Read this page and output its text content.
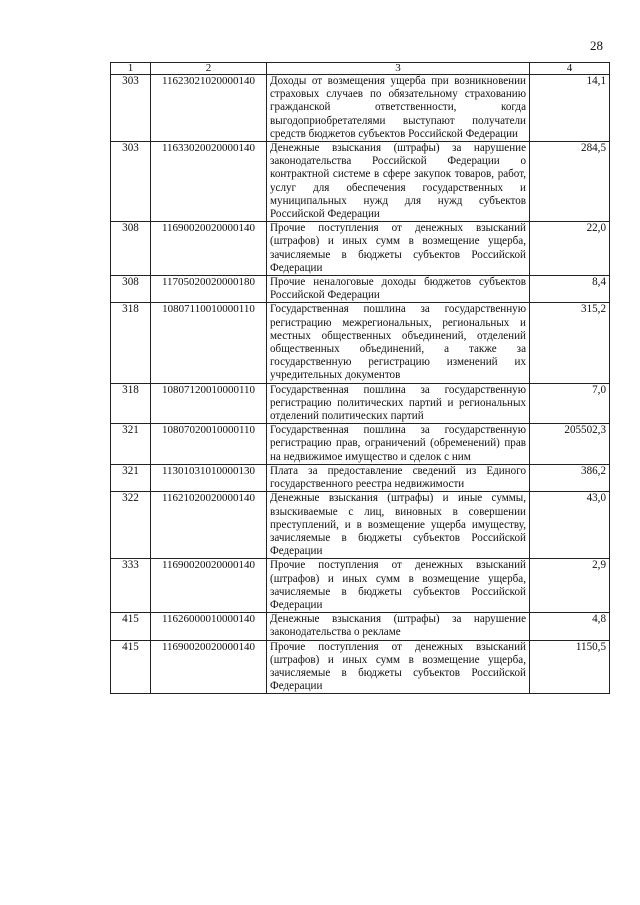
28
1	2	3	4
303	11623021020000140	Доходы от возмещения ущерба при возникновении страховых случаев по обязательному страхованию гражданской ответственности, когда выгодоприобретателями выступают получатели средств бюджетов субъектов Российской Федерации	14,1
303	11633020020000140	Денежные взыскания (штрафы) за нарушение законодательства Российской Федерации о контрактной системе в сфере закупок товаров, работ, услуг для обеспечения государственных и муниципальных нужд для нужд субъектов Российской Федерации	284,5
308	11690020020000140	Прочие поступления от денежных взысканий (штрафов) и иных сумм в возмещение ущерба, зачисляемые в бюджеты субъектов Российской Федерации	22,0
308	11705020020000180	Прочие неналоговые доходы бюджетов субъектов Российской Федерации	8,4
318	10807110010000110	Государственная пошлина за государственную регистрацию межрегиональных, региональных и местных общественных объединений, отделений общественных объединений, а также за государственную регистрацию изменений их учредительных документов	315,2
318	10807120010000110	Государственная пошлина за государственную регистрацию политических партий и региональных отделений политических партий	7,0
321	10807020010000110	Государственная пошлина за государственную регистрацию прав, ограничений (обременений) прав на недвижимое имущество и сделок с ним	205502,3
321	11301031010000130	Плата за предоставление сведений из Единого государственного реестра недвижимости	386,2
322	11621020020000140	Денежные взыскания (штрафы) и иные суммы, взыскиваемые с лиц, виновных в совершении преступлений, и в возмещение ущерба имуществу, зачисляемые в бюджеты субъектов Российской Федерации	43,0
333	11690020020000140	Прочие поступления от денежных взысканий (штрафов) и иных сумм в возмещение ущерба, зачисляемые в бюджеты субъектов Российской Федерации	2,9
415	11626000010000140	Денежные взыскания (штрафы) за нарушение законодательства о рекламе	4,8
415	11690020020000140	Прочие поступления от денежных взысканий (штрафов) и иных сумм в возмещение ущерба, зачисляемые в бюджеты субъектов Российской Федерации	1150,5
